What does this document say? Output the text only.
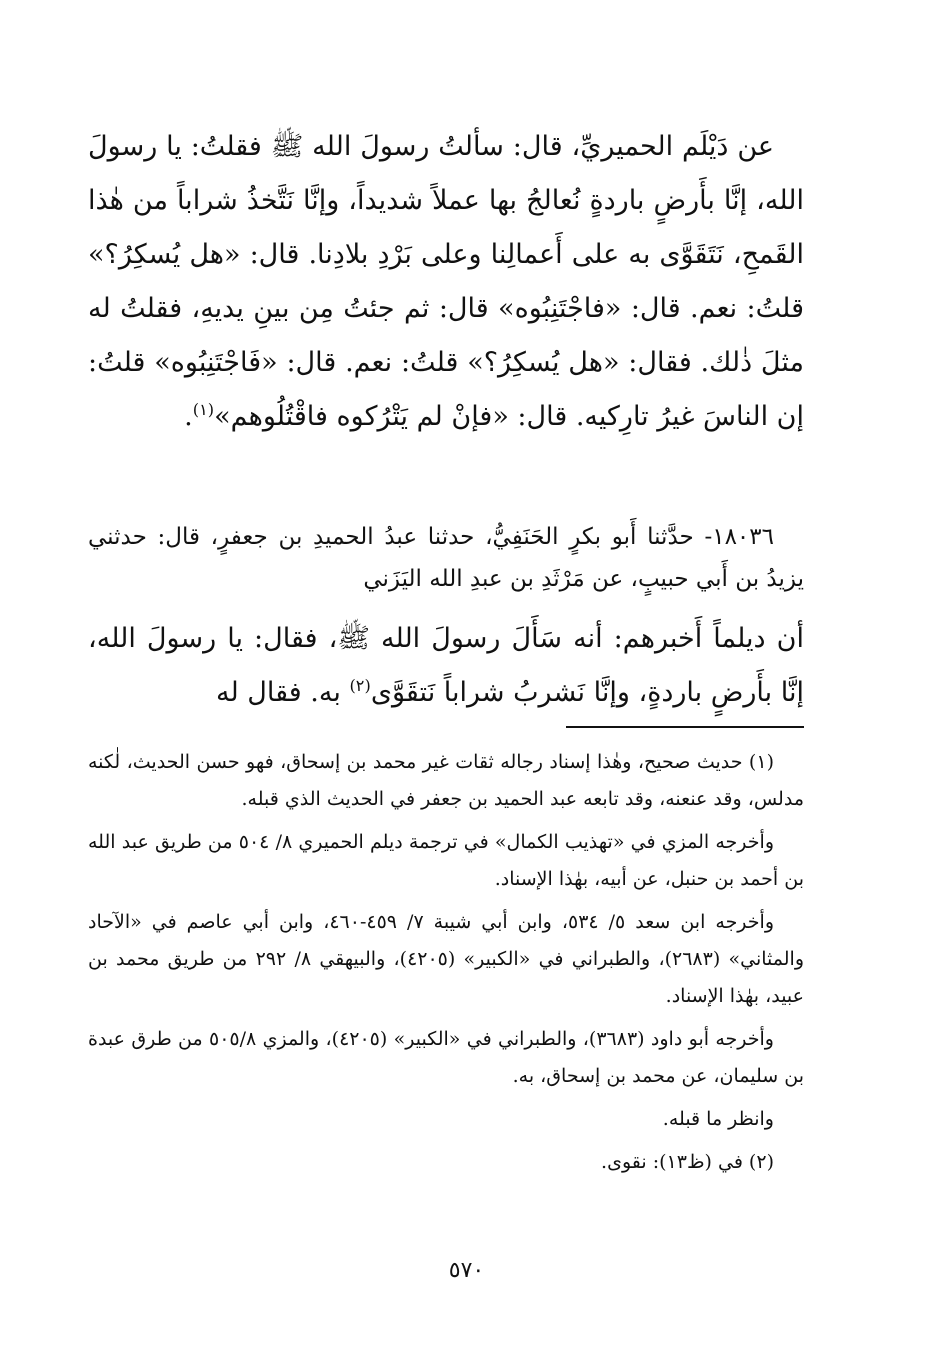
عن دَيْلَم الحميريِّ، قال: سألتُ رسولَ الله ﷺ فقلتُ: يا رسولَ الله، إنَّا بأَرضٍ باردةٍ نُعالجُ بها عملاً شديداً، وإنَّا نَتَّخذُ شراباً من هٰذا القَمحِ، نَتَقَوَّى به على أَعمالِنا وعلى بَرْدِ بلادِنا. قال: «هل يُسكِرُ؟» قلتُ: نعم. قال: «فاجْتَنِبُوه» قال: ثم جئتُ مِن بينِ يديهِ، فقلتُ له مثلَ ذٰلك. فقال: «هل يُسكِرُ؟» قلتُ: نعم. قال: «فَاجْتَنِبُوه» قلتُ: إن الناسَ غيرُ تارِكيه. قال: «فإنْ لم يَتْرُكوه فاقْتُلُوهم»$^{(١)}$.

١٨٠٣٦- حدَّثنا أَبو بكرٍ الحَنَفِيُّ، حدثنا عبدُ الحميدِ بن جعفرٍ، قال: حدثني يزيدُ بن أَبي حبيبٍ، عن مَرْثَدِ بن عبدِ الله اليَزَني

أن ديلماً أَخبرهم: أنه سَأَلَ رسولَ الله ﷺ، فقال: يا رسولَ الله، إنَّا بأَرضٍ باردةٍ، وإنَّا نَشربُ شراباً نَتقَوَّى$^{(٢)}$ به. فقال له

(١) حديث صحيح، وهٰذا إسناد رجاله ثقات غير محمد بن إسحاق، فهو حسن الحديث، لٰكنه مدلس، وقد عنعنه، وقد تابعه عبد الحميد بن جعفر في الحديث الذي قبله.

وأخرجه المزي في «تهذيب الكمال» في ترجمة ديلم الحميري ٨/ ٥٠٤ من طريق عبد الله بن أحمد بن حنبل، عن أبيه، بهٰذا الإسناد.

وأخرجه ابن سعد ٥/ ٥٣٤، وابن أبي شيبة ٧/ ٤٥٩-٤٦٠، وابن أبي عاصم في «الآحاد والمثاني» (٢٦٨٣)، والطبراني في «الكبير» (٤٢٠٥)، والبيهقي ٨/ ٢٩٢ من طريق محمد بن عبيد، بهٰذا الإسناد.

وأخرجه أبو داود (٣٦٨٣)، والطبراني في «الكبير» (٤٢٠٥)، والمزي ٥٠٥/٨ من طرق عبدة بن سليمان، عن محمد بن إسحاق، به.

وانظر ما قبله.

(٢) في (ظ١٣): نقوى.

٥٧٠
